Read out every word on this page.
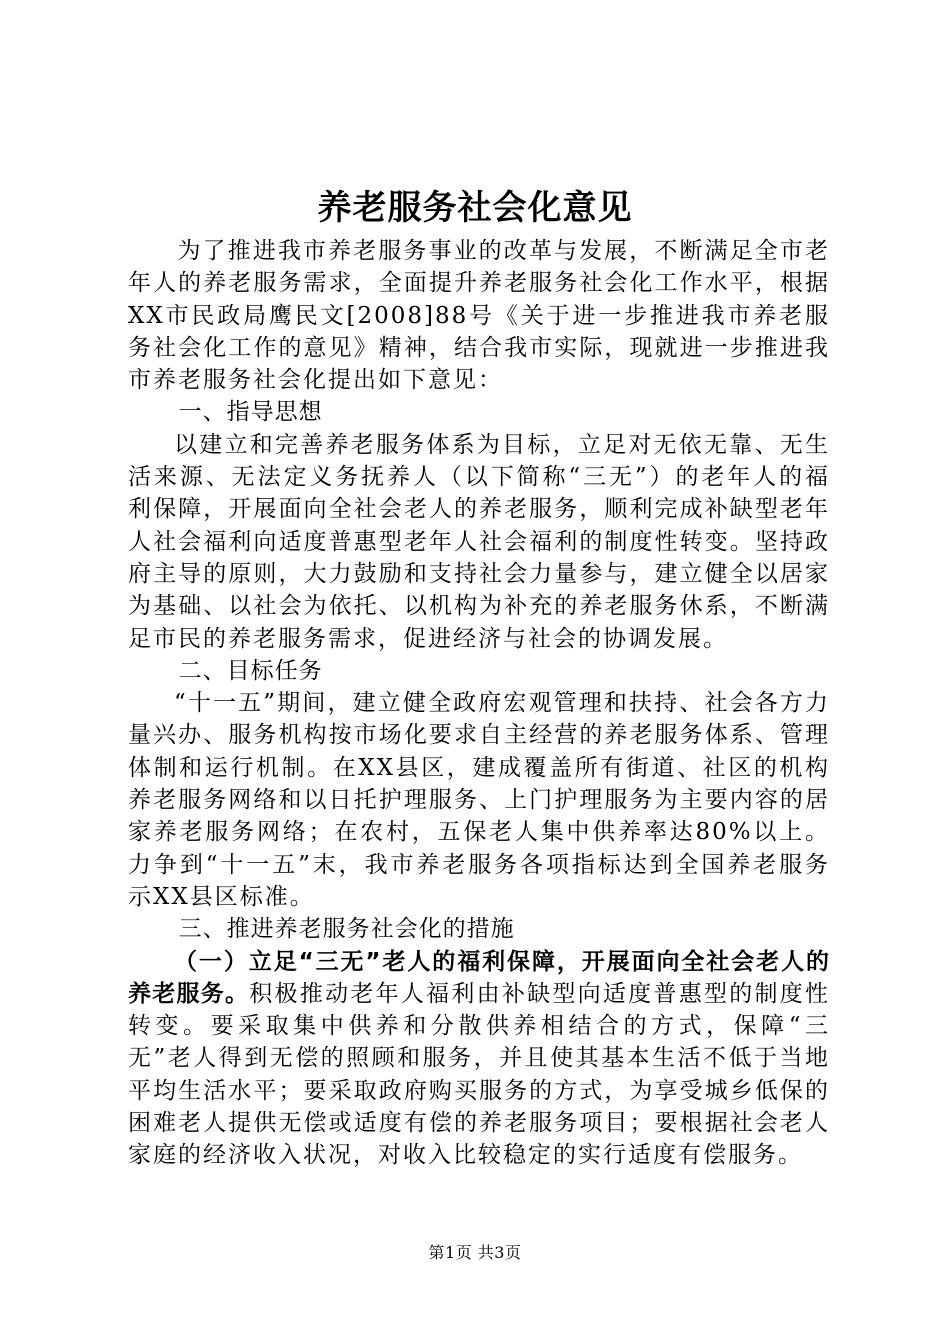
养老服务社会化意见

为了推进我市养老服务事业的改革与发展，不断满足全市老年人的养老服务需求，全面提升养老服务社会化工作水平，根据XX市民政局鹰民文[2008]88号《关于进一步推进我市养老服务社会化工作的意见》精神，结合我市实际，现就进一步推进我市养老服务社会化提出如下意见：

一、指导思想

以建立和完善养老服务体系为目标，立足对无依无靠、无生活来源、无法定义务抚养人（以下简称“三无”）的老年人的福利保障，开展面向全社会老人的养老服务，顺利完成补缺型老年人社会福利向适度普惠型老年人社会福利的制度性转变。坚持政府主导的原则，大力鼓励和支持社会力量参与，建立健全以居家为基础、以社会为依托、以机构为补充的养老服务休系，不断满足市民的养老服务需求，促进经济与社会的协调发展。

二、目标任务

“十一五”期间，建立健全政府宏观管理和扶持、社会各方力量兴办、服务机构按市场化要求自主经营的养老服务体系、管理体制和运行机制。在XX县区，建成覆盖所有街道、社区的机构养老服务网络和以日托护理服务、上门护理服务为主要内容的居家养老服务网络；在农村，五保老人集中供养率达80%以上。力争到“十一五”末，我市养老服务各项指标达到全国养老服务示XX县区标准。

三、推进养老服务社会化的措施

（一）立足“三无”老人的福利保障，开展面向全社会老人的养老服务。积极推动老年人福利由补缺型向适度普惠型的制度性转变。要采取集中供养和分散供养相结合的方式，保障“三无”老人得到无偿的照顾和服务，并且使其基本生活不低于当地平均生活水平；要采取政府购买服务的方式，为享受城乡低保的困难老人提供无偿或适度有偿的养老服务项目；要根据社会老人家庭的经济收入状况，对收入比较稳定的实行适度有偿服务。

第1页 共3页
